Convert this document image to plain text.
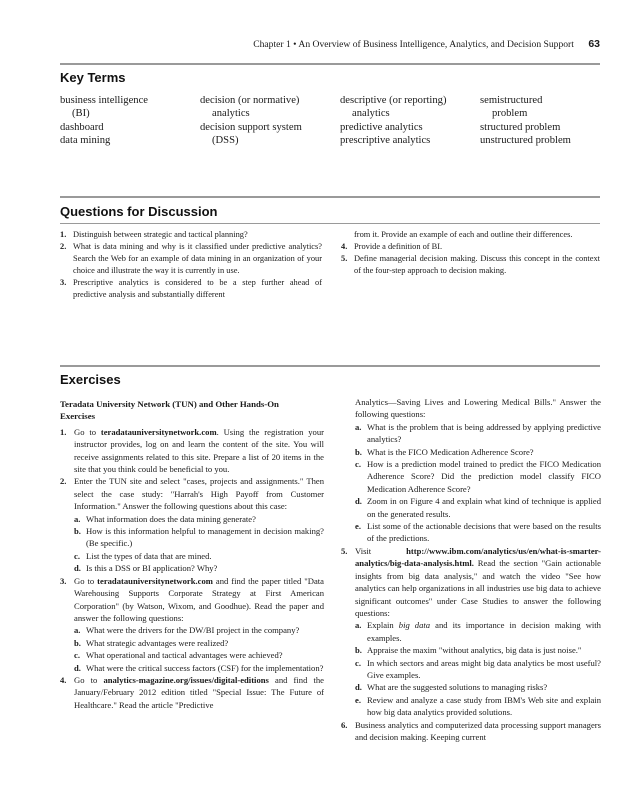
Chapter 1 • An Overview of Business Intelligence, Analytics, and Decision Support 63
Key Terms
business intelligence
(BI)
dashboard
data mining
decision (or normative)
analytics
decision support system
(DSS)
descriptive (or reporting)
analytics
predictive analytics
prescriptive analytics
semistructured
problem
structured problem
unstructured problem
Questions for Discussion
1. Distinguish between strategic and tactical planning?
2. What is data mining and why is it classified under predictive analytics? Search the Web for an example of data mining in an organization of your choice and illustrate the way it is currently in use.
3. Prescriptive analytics is considered to be a step further ahead of predictive analysis and substantially different
from it. Provide an example of each and outline their differences.
4. Provide a definition of BI.
5. Define managerial decision making. Discuss this concept in the context of the four-step approach to decision making.
Exercises
Teradata University Network (TUN) and Other Hands-On Exercises
1. Go to teradatauniversitynetwork.com. Using the registration your instructor provides, log on and learn the content of the site. You will receive assignments related to this site. Prepare a list of 20 items in the site that you think could be beneficial to you.
2. Enter the TUN site and select "cases, projects and assignments." Then select the case study: "Harrah's High Payoff from Customer Information." Answer the following questions about this case:
a. What information does the data mining generate?
b. How is this information helpful to management in decision making? (Be specific.)
c. List the types of data that are mined.
d. Is this a DSS or BI application? Why?
3. Go to teradatauniversitynetwork.com and find the paper titled "Data Warehousing Supports Corporate Strategy at First American Corporation" (by Watson, Wixom, and Goodhue). Read the paper and answer the following questions:
a. What were the drivers for the DW/BI project in the company?
b. What strategic advantages were realized?
c. What operational and tactical advantages were achieved?
d. What were the critical success factors (CSF) for the implementation?
4. Go to analytics-magazine.org/issues/digital-editions and find the January/February 2012 edition titled "Special Issue: The Future of Healthcare." Read the article "Predictive
Analytics—Saving Lives and Lowering Medical Bills." Answer the following questions:
a. What is the problem that is being addressed by applying predictive analytics?
b. What is the FICO Medication Adherence Score?
c. How is a prediction model trained to predict the FICO Medication Adherence Score? Did the prediction model classify FICO Medication Adherence Score?
d. Zoom in on Figure 4 and explain what kind of technique is applied on the generated results.
e. List some of the actionable decisions that were based on the results of the predictions.
5. Visit http://www.ibm.com/analytics/us/en/what-is-smarter-analytics/big-data-analysis.html. Read the section "Gain actionable insights from big data analysis," and watch the video "See how analytics can help organizations in all industries use big data to achieve significant outcomes" under Case Studies to answer the following questions:
a. Explain big data and its importance in decision making with examples.
b. Appraise the maxim "without analytics, big data is just noise."
c. In which sectors and areas might big data analytics be most useful? Give examples.
d. What are the suggested solutions to managing risks?
e. Review and analyze a case study from IBM's Web site and explain how big data analytics provided solutions.
6. Business analytics and computerized data processing support managers and decision making. Keeping current
